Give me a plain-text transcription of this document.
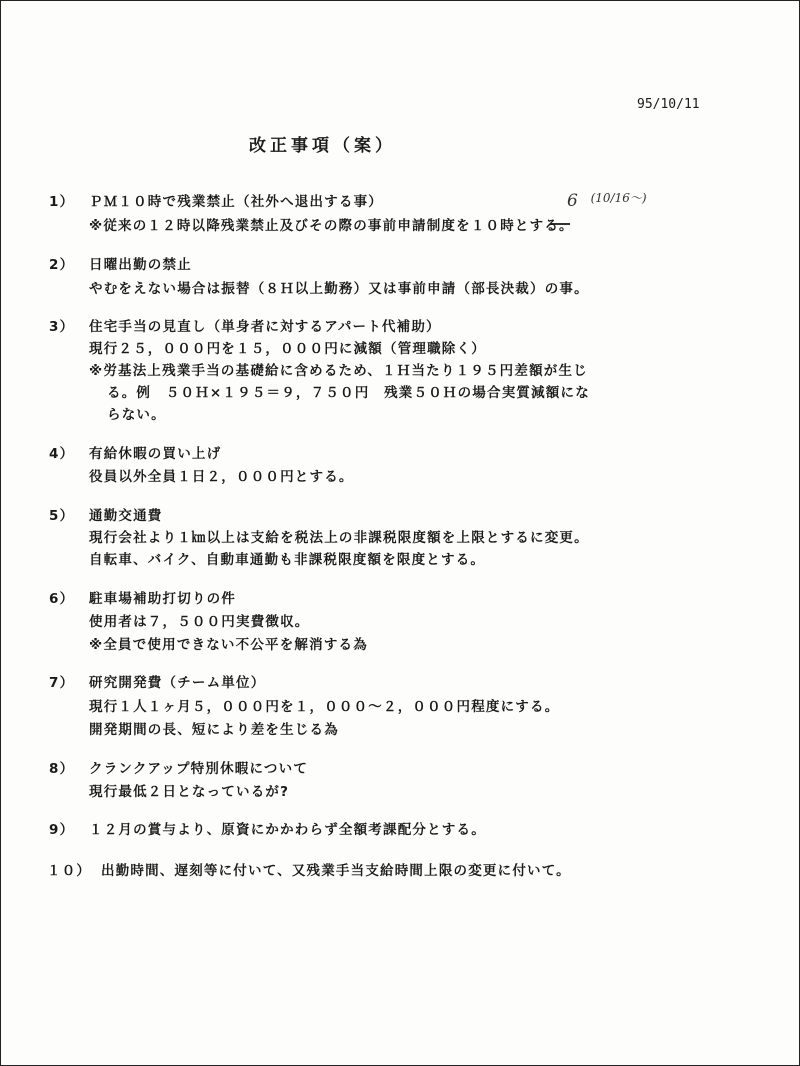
95/10/11
改正事項（案）
6 $^{(10/16〜)}$
1） ＰＭ１０時で残業禁止（社外へ退出する事）
※従来の１２時以降残業禁止及びその際の事前申請制度を１０時とする。
2） 日曜出勤の禁止
やむをえない場合は振替（８Ｈ以上勤務）又は事前申請（部長決裁）の事。
3） 住宅手当の見直し（単身者に対するアパート代補助）
現行２５，０００円を１５，０００円に減額（管理職除く）
※労基法上残業手当の基礎給に含めるため、１Ｈ当たり１９５円差額が生じ
る。例　５０Ｈ×１９５＝９，７５０円　残業５０Ｈの場合実質減額にな
らない。
4） 有給休暇の買い上げ
役員以外全員１日２，０００円とする。
5） 通勤交通費
現行会社より１㎞以上は支給を税法上の非課税限度額を上限とするに変更。
自転車、バイク、自動車通勤も非課税限度額を限度とする。
6） 駐車場補助打切りの件
使用者は７，５００円実費徴収。
※全員で使用できない不公平を解消する為
7） 研究開発費（チーム単位）
現行１人１ヶ月５，０００円を１，０００〜２，０００円程度にする。
開発期間の長、短により差を生じる為
8） クランクアップ特別休暇について
現行最低２日となっているが?
9） １２月の賞与より、原資にかかわらず全額考課配分とする。
１０） 出勤時間、遅刻等に付いて、又残業手当支給時間上限の変更に付いて。
